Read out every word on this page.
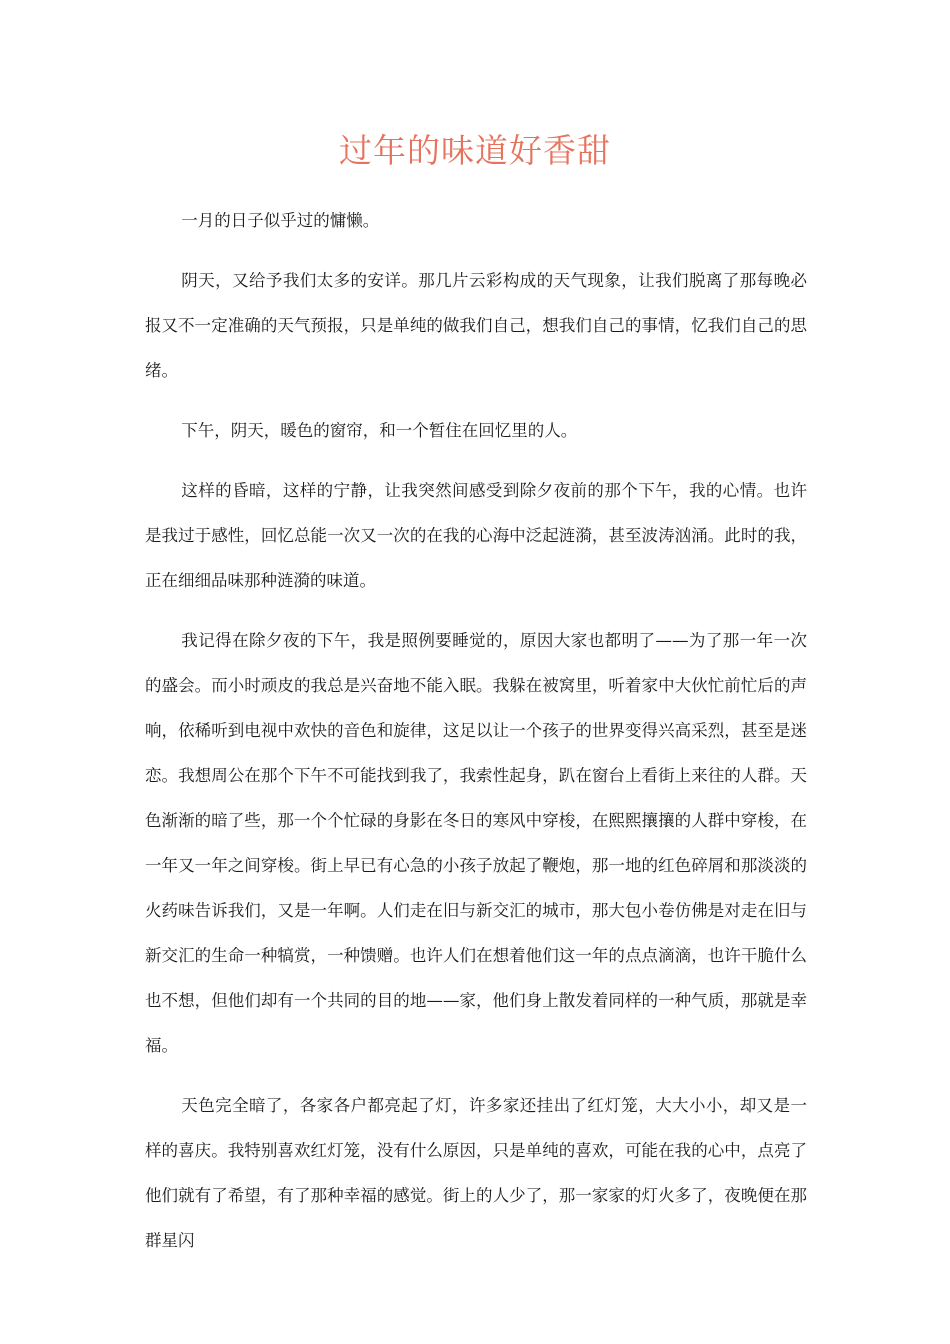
过年的味道好香甜

一月的日子似乎过的慵懒。

阴天，又给予我们太多的安详。那几片云彩构成的天气现象，让我们脱离了那每晚必报又不一定准确的天气预报，只是单纯的做我们自己，想我们自己的事情，忆我们自己的思绪。

下午，阴天，暖色的窗帘，和一个暂住在回忆里的人。

这样的昏暗，这样的宁静，让我突然间感受到除夕夜前的那个下午，我的心情。也许是我过于感性，回忆总能一次又一次的在我的心海中泛起涟漪，甚至波涛汹涌。此时的我，正在细细品味那种涟漪的味道。

我记得在除夕夜的下午，我是照例要睡觉的，原因大家也都明了——为了那一年一次的盛会。而小时顽皮的我总是兴奋地不能入眠。我躲在被窝里，听着家中大伙忙前忙后的声响，依稀听到电视中欢快的音色和旋律，这足以让一个孩子的世界变得兴高采烈，甚至是迷恋。我想周公在那个下午不可能找到我了，我索性起身，趴在窗台上看街上来往的人群。天色渐渐的暗了些，那一个个忙碌的身影在冬日的寒风中穿梭，在熙熙攘攘的人群中穿梭，在一年又一年之间穿梭。街上早已有心急的小孩子放起了鞭炮，那一地的红色碎屑和那淡淡的火药味告诉我们，又是一年啊。人们走在旧与新交汇的城市，那大包小卷仿佛是对走在旧与新交汇的生命一种犒赏，一种馈赠。也许人们在想着他们这一年的点点滴滴，也许干脆什么也不想，但他们却有一个共同的目的地——家，他们身上散发着同样的一种气质，那就是幸福。

天色完全暗了，各家各户都亮起了灯，许多家还挂出了红灯笼，大大小小，却又是一样的喜庆。我特别喜欢红灯笼，没有什么原因，只是单纯的喜欢，可能在我的心中，点亮了他们就有了希望，有了那种幸福的感觉。街上的人少了，那一家家的灯火多了，夜晚便在那群星闪
